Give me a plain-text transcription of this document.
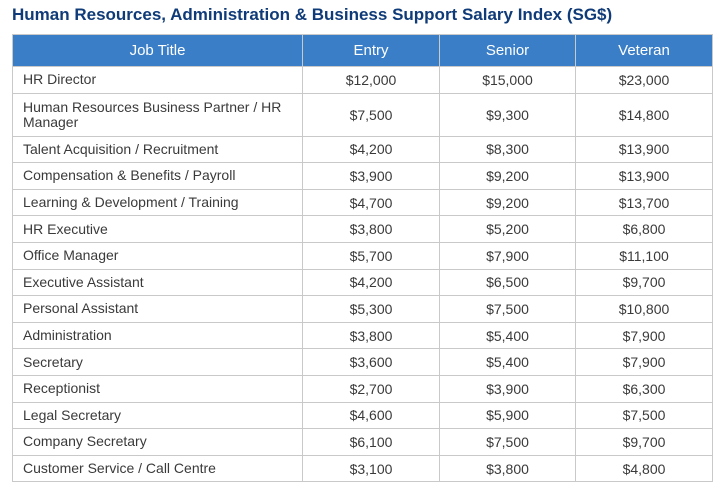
Human Resources, Administration & Business Support Salary Index (SG$)
Job Title	Entry	Senior	Veteran
HR Director	$12,000	$15,000	$23,000
Human Resources Business Partner / HR Manager	$7,500	$9,300	$14,800
Talent Acquisition / Recruitment	$4,200	$8,300	$13,900
Compensation & Benefits / Payroll	$3,900	$9,200	$13,900
Learning & Development / Training	$4,700	$9,200	$13,700
HR Executive	$3,800	$5,200	$6,800
Office Manager	$5,700	$7,900	$11,100
Executive Assistant	$4,200	$6,500	$9,700
Personal Assistant	$5,300	$7,500	$10,800
Administration	$3,800	$5,400	$7,900
Secretary	$3,600	$5,400	$7,900
Receptionist	$2,700	$3,900	$6,300
Legal Secretary	$4,600	$5,900	$7,500
Company Secretary	$6,100	$7,500	$9,700
Customer Service / Call Centre	$3,100	$3,800	$4,800
